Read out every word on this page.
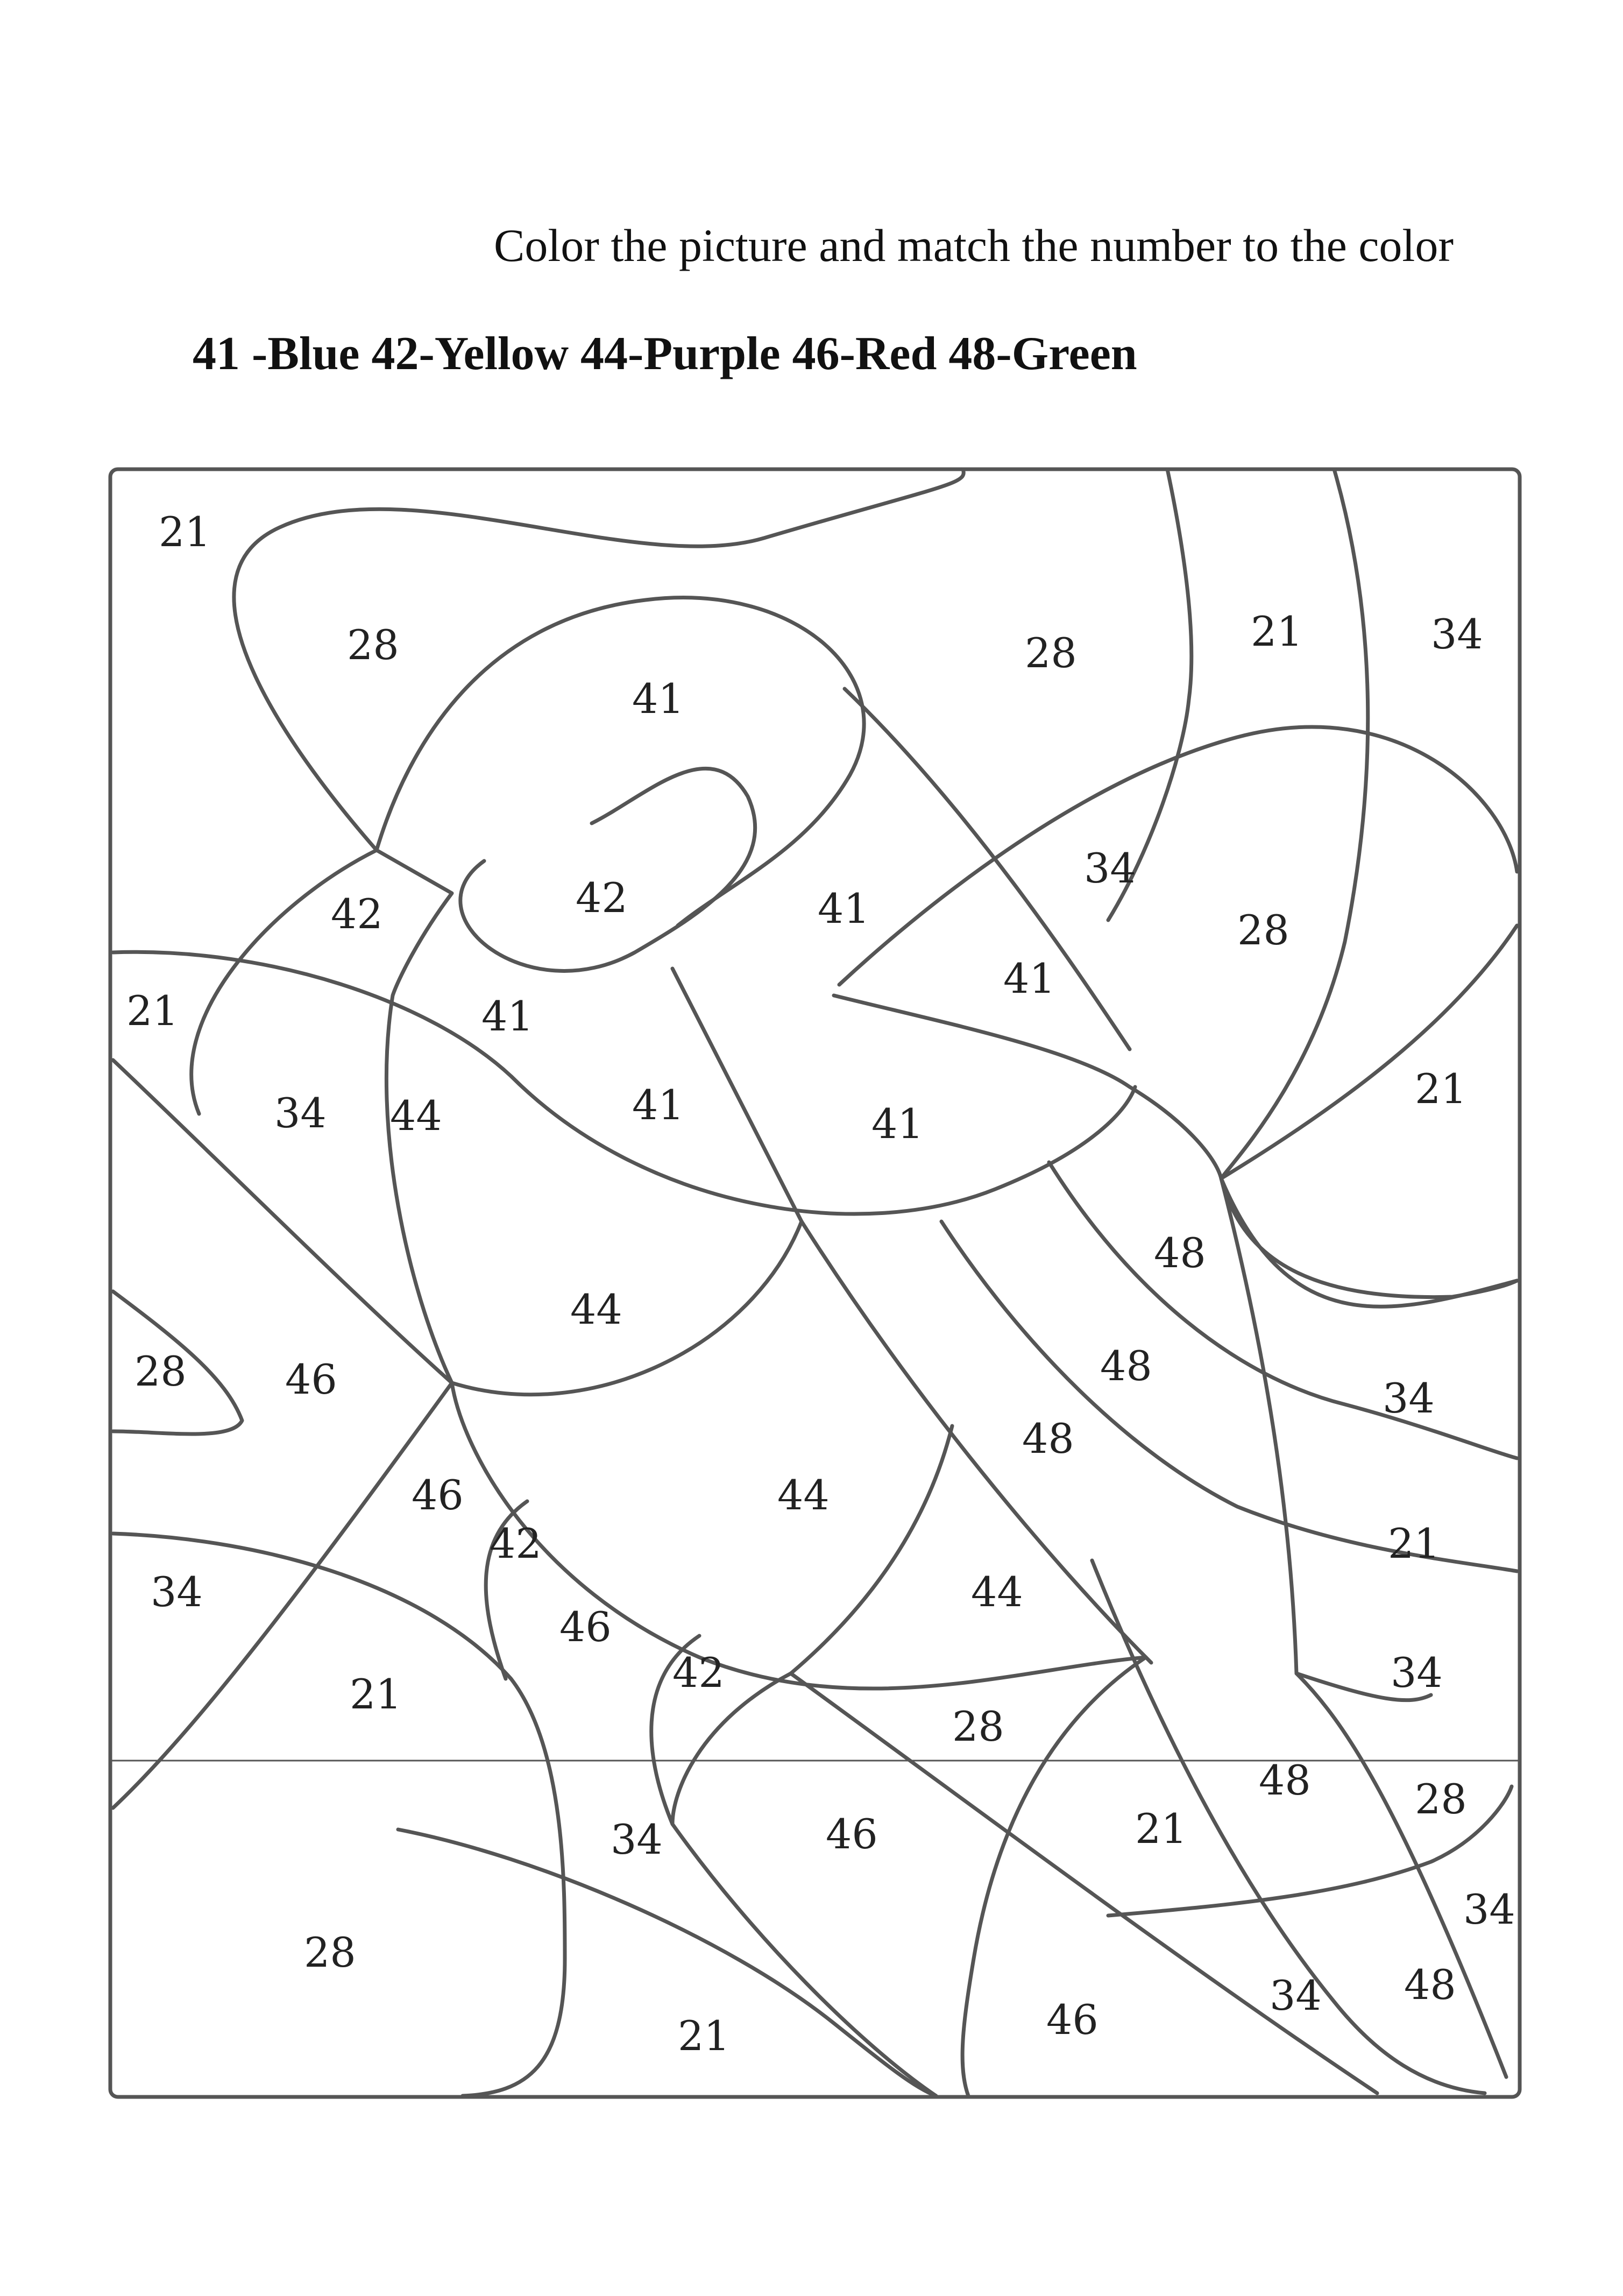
Color the picture and match the number to the color

41 -Blue 42-Yellow 44-Purple 46-Red 48-Green

21
28
41
28	21	34
42	42	41
34
28
41
21	41
34 44	41	41
21
48
44
28 46	48
48
34
46	44
42	21
34
46
44
21	42	34
28
48	28
21
34	46
34
28
21	46
34 48
